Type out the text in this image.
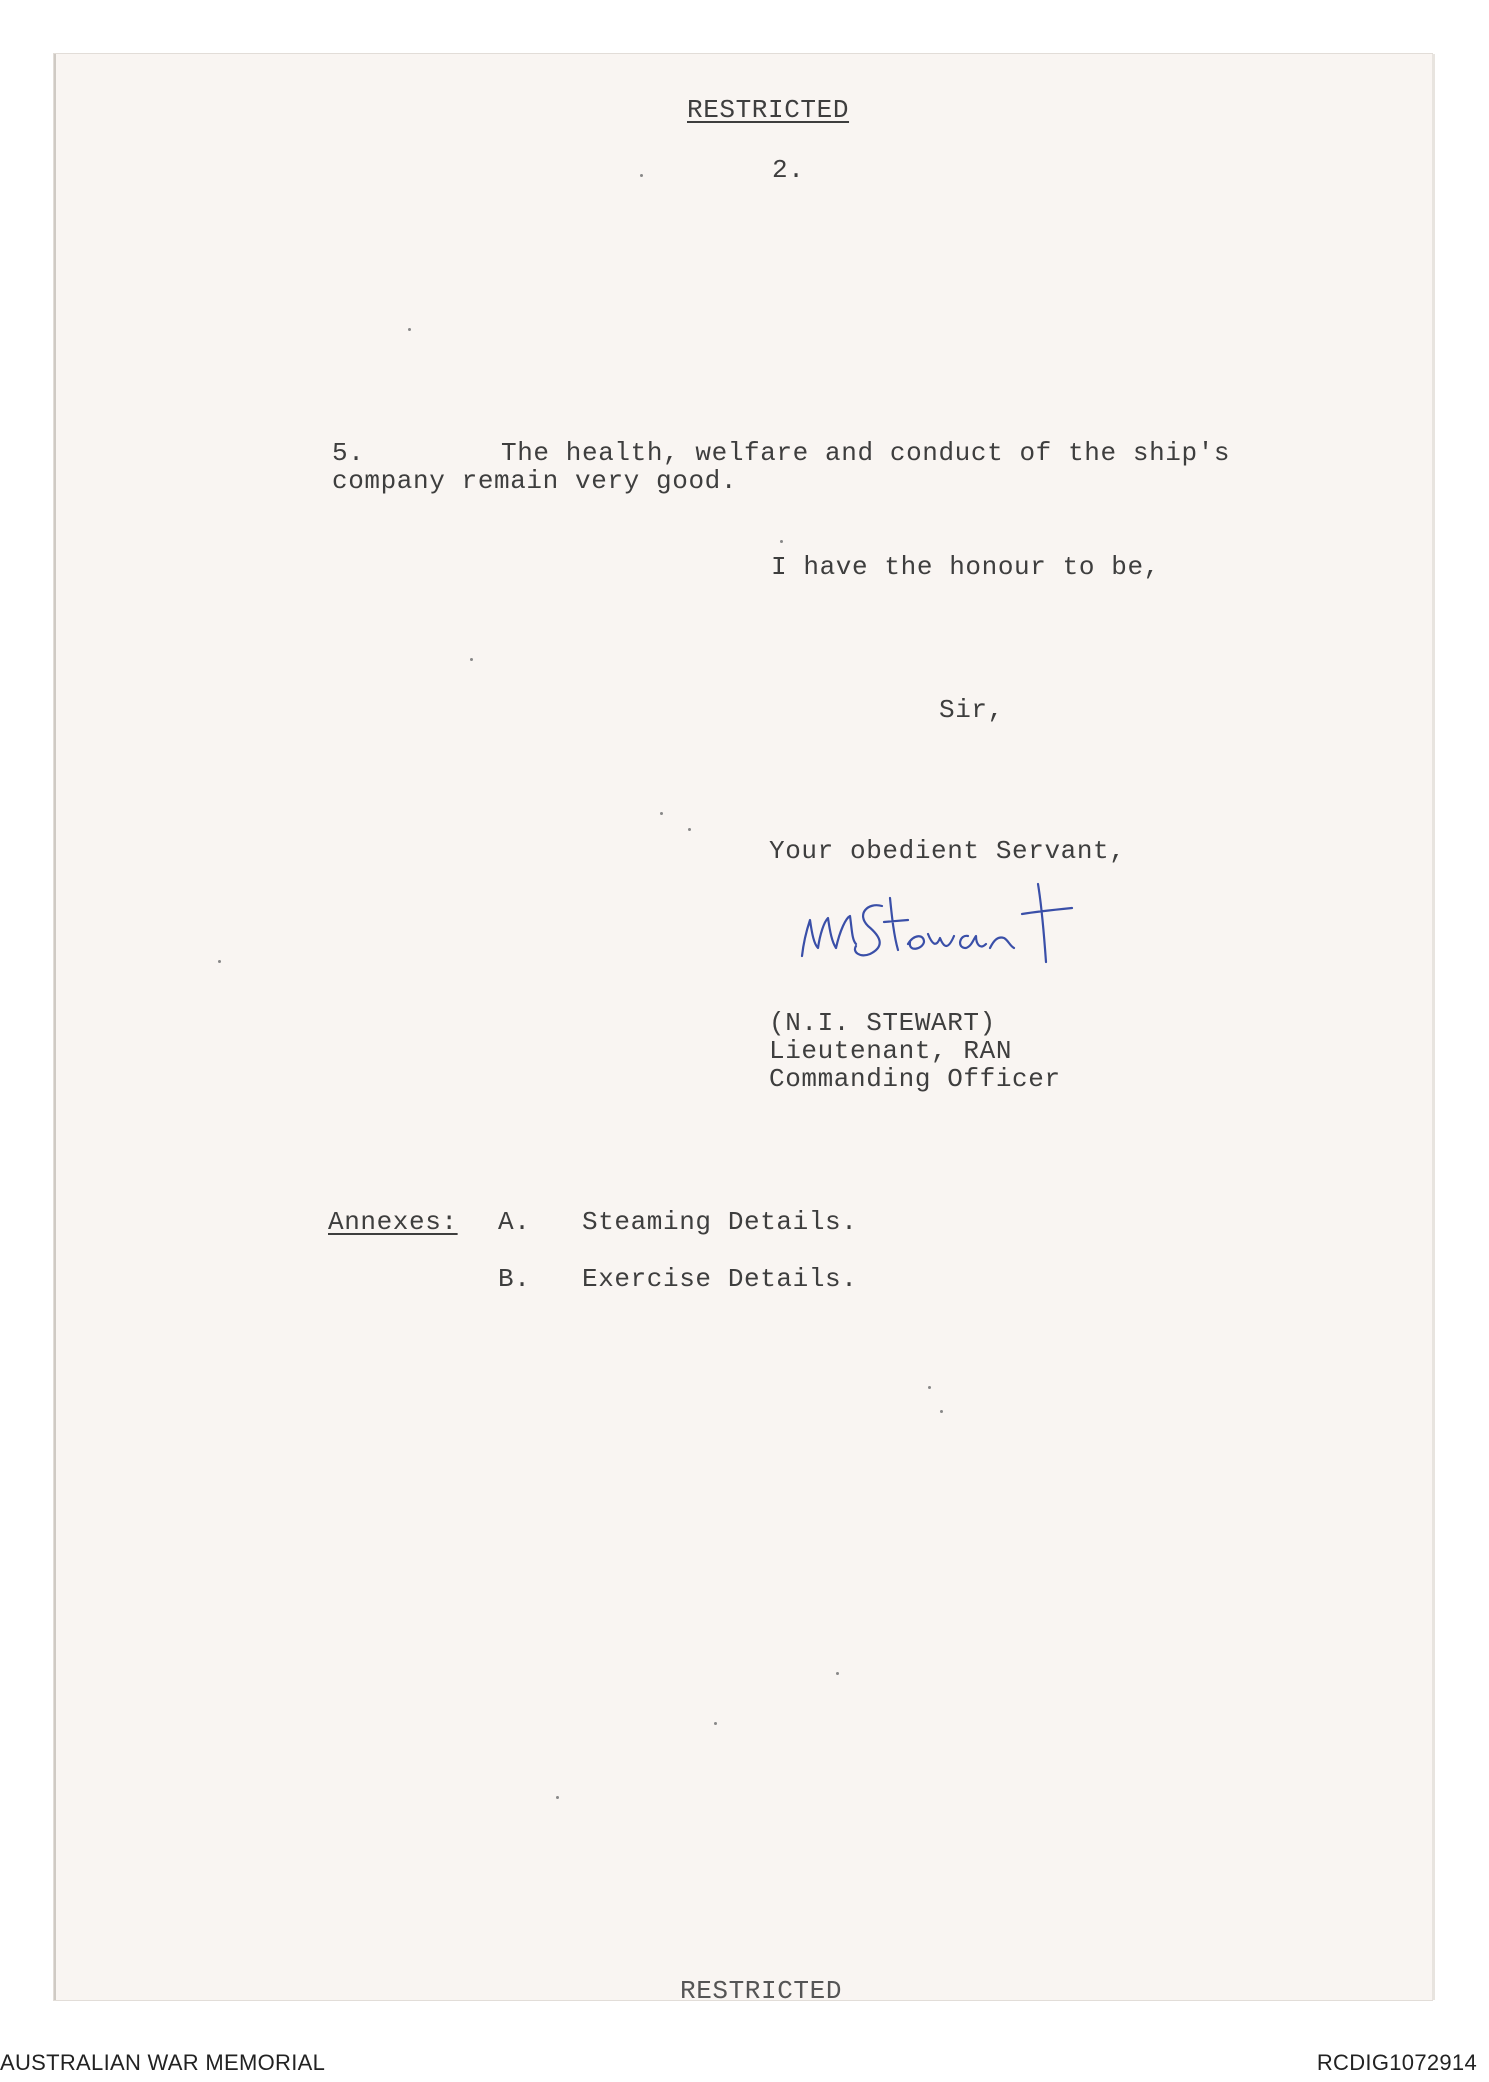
RESTRICTED

2.

5.	The health, welfare and conduct of the ship's

company remain very good.

I have the honour to be,

Sir,

Your obedient Servant,

(N.I. STEWART)

Lieutenant, RAN

Commanding Officer

Annexes: A. Steaming Details.

B. Exercise Details.

RESTRICTED

AUSTRALIAN WAR MEMORIAL	RCDIG1072914
